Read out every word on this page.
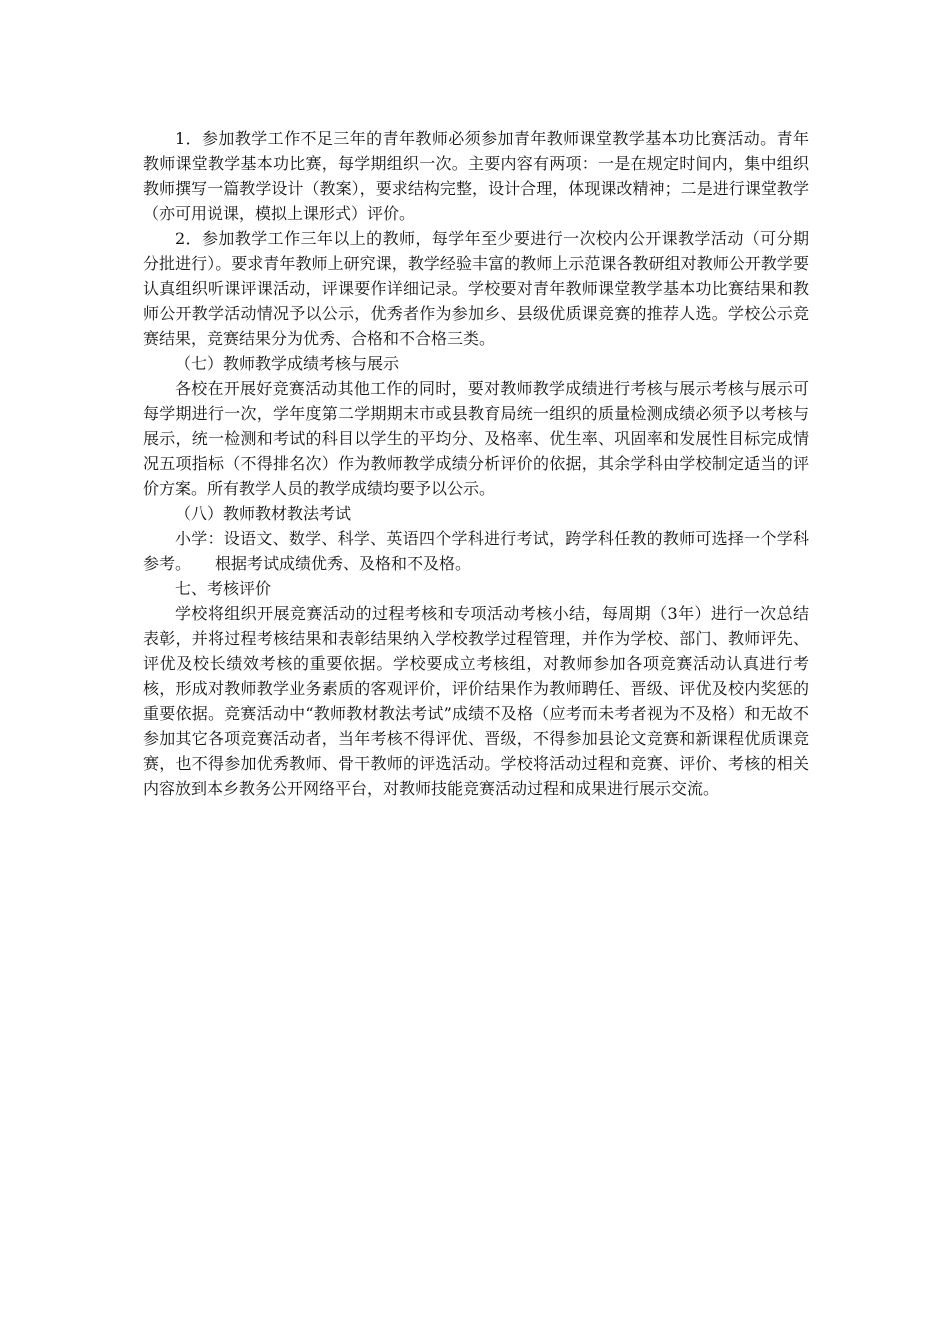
1．参加教学工作不足三年的青年教师必须参加青年教师课堂教学基本功比赛活动。青年教师课堂教学基本功比赛，每学期组织一次。主要内容有两项：一是在规定时间内，集中组织教师撰写一篇教学设计（教案），要求结构完整，设计合理，体现课改精神；二是进行课堂教学（亦可用说课，模拟上课形式）评价。

2．参加教学工作三年以上的教师，每学年至少要进行一次校内公开课教学活动（可分期分批进行）。要求青年教师上研究课，教学经验丰富的教师上示范课各教研组对教师公开教学要认真组织听课评课活动，评课要作详细记录。学校要对青年教师课堂教学基本功比赛结果和教师公开教学活动情况予以公示，优秀者作为参加乡、县级优质课竞赛的推荐人选。学校公示竞赛结果，竞赛结果分为优秀、合格和不合格三类。

（七）教师教学成绩考核与展示

各校在开展好竞赛活动其他工作的同时，要对教师教学成绩进行考核与展示考核与展示可每学期进行一次，学年度第二学期期末市或县教育局统一组织的质量检测成绩必须予以考核与展示，统一检测和考试的科目以学生的平均分、及格率、优生率、巩固率和发展性目标完成情况五项指标（不得排名次）作为教师教学成绩分析评价的依据，其余学科由学校制定适当的评价方案。所有教学人员的教学成绩均要予以公示。

（八）教师教材教法考试

小学：设语文、数学、科学、英语四个学科进行考试，跨学科任教的教师可选择一个学科参考。　　根据考试成绩优秀、及格和不及格。

七、考核评价

学校将组织开展竞赛活动的过程考核和专项活动考核小结，每周期（3年）进行一次总结表彰，并将过程考核结果和表彰结果纳入学校教学过程管理，并作为学校、部门、教师评先、评优及校长绩效考核的重要依据。学校要成立考核组，对教师参加各项竞赛活动认真进行考核，形成对教师教学业务素质的客观评价，评价结果作为教师聘任、晋级、评优及校内奖惩的重要依据。竞赛活动中“教师教材教法考试”成绩不及格（应考而未考者视为不及格）和无故不参加其它各项竞赛活动者，当年考核不得评优、晋级，不得参加县论文竞赛和新课程优质课竞赛，也不得参加优秀教师、骨干教师的评选活动。学校将活动过程和竞赛、评价、考核的相关内容放到本乡教务公开网络平台，对教师技能竞赛活动过程和成果进行展示交流。
